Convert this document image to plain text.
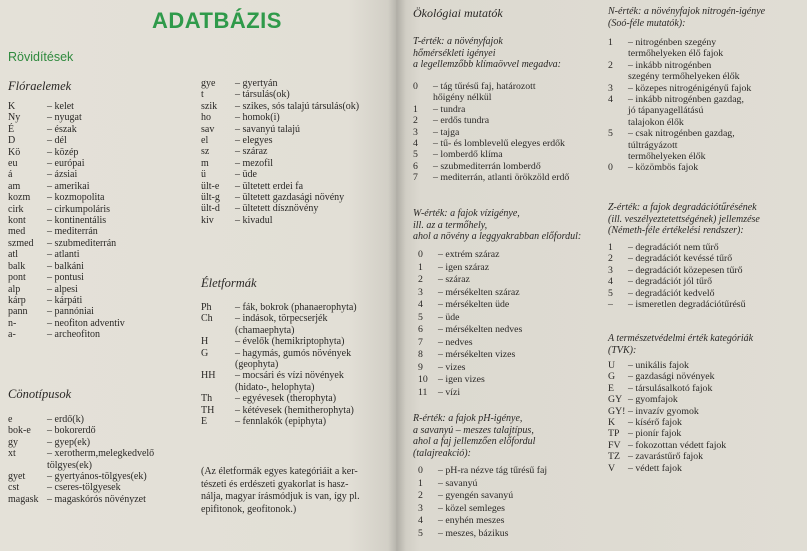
ADATBÁZIS
Rövidítések
Flóraelemek
K	– kelet
Ny	– nyugat
É	– észak
D	– dél
Kö	– közép
eu	– európai
á	– ázsiai
am	– amerikai
kozm	– kozmopolita
cirk	– cirkumpoláris
kont	– kontinentális
med	– mediterrán
szmed	– szubmediterrán
atl	– atlanti
balk	– balkáni
pont	– pontusi
alp	– alpesi
kárp	– kárpáti
pann	– pannóniai
n-	– neofiton adventiv
a-	– archeofiton
Cönotípusok
e	– erdő(k)
bok-e	– bokorerdő
gy	– gyep(ek)
xt	– xerotherm,melegkedvelő
tölgyes(ek)
gyet	– gyertyános-tölgyes(ek)
cst	– cseres-tölgyesek
magask – magaskórós növényzet
gye	– gyertyán
t	– társulás(ok)
szik	– szikes, sós talajú társulás(ok)
ho	– homok(i)
sav	– savanyú talajú
el	– elegyes
sz	– száraz
m	– mezofil
ü	– üde
ült-e	– ültetett erdei fa
ült-g	– ültetett gazdasági növény
ült-d	– ültetett dísznövény
kiv	– kivadul
Életformák
Ph	– fák, bokrok (phanaerophyta)
Ch	– indások, törpecserjék
(chamaephyta)
H	– évelők (hemikriptophyta)
G	– hagymás, gumós növények
(geophyta)
HH	– mocsári és vízi növények
(hidato-, helophyta)
Th	– egyévesek (therophyta)
TH	– kétévesek (hemitherophyta)
E	– fennlakók (epiphyta)
(Az életformák egyes kategóriáit a ker-
tészeti és erdészeti gyakorlat is hasz-
nálja, magyar írásmódjuk is van, így pl.
epifitonok, geofitonok.)
Ökológiai mutatók
T-érték: a növényfajok
hőmérsékleti igényei
a legellemzőbb klímaövvel megadva:
0	– tág tűrésű faj, határozott
hőigény nélkül
1	– tundra
2	– erdős tundra
3	– tajga
4	– tű- és lomblevelű elegyes erdők
5	– lomberdő klíma
6	– szubmediterrán lomberdő
7	– mediterrán, atlanti örökzöld erdő
W-érték: a fajok vízigénye,
ill. az a termőhely,
ahol a növény a leggyakrabban előfordul:
0	– extrém száraz
1	– igen száraz
2	– száraz
3	– mérsékelten száraz
4	– mérsékelten üde
5	– üde
6	– mérsékelten nedves
7	– nedves
8	– mérsékelten vizes
9	– vizes
10	– igen vizes
11	– vízi
R-érték: a fajok pH-igénye,
a savanyú – meszes talajtípus,
ahol a faj jellemzően előfordul
(talajreakció):
0	– pH-ra nézve tág tűrésű faj
1	– savanyú
2	– gyengén savanyú
3	– közel semleges
4	– enyhén meszes
5	– meszes, bázikus
N-érték: a növényfajok nitrogén-igénye
(Soó-féle mutatók):
1	– nitrogénben szegény
termőhelyeken élő fajok
2	– inkább nitrogénben
szegény termőhelyeken élők
3	– közepes nitrogénigényű fajok
4	– inkább nitrogénben gazdag,
jó tápanyagellátású
talajokon élők
5	– csak nitrogénben gazdag,
túltrágyázott
termőhelyeken élők
0	– közömbös fajok
Z-érték: a fajok degradációtűrésének
(ill. veszélyeztetettségének) jellemzése
(Németh-féle értékelési rendszer):
1	– degradációt nem tűrő
2	– degradációt kevéssé tűrő
3	– degradációt közepesen tűrő
4	– degradációt jól tűrő
5	– degradációt kedvelő
–	– ismeretlen degradációtűrésű
A természetvédelmi érték kategóriák
(TVK):
U	– unikális fajok
G	– gazdasági növények
E	– társulásalkotó fajok
GY – gyomfajok
GY! – invazív gyomok
K	– kísérő fajok
TP – pionír fajok
FV – fokozottan védett fajok
TZ – zavarástűrő fajok
V	– védett fajok
